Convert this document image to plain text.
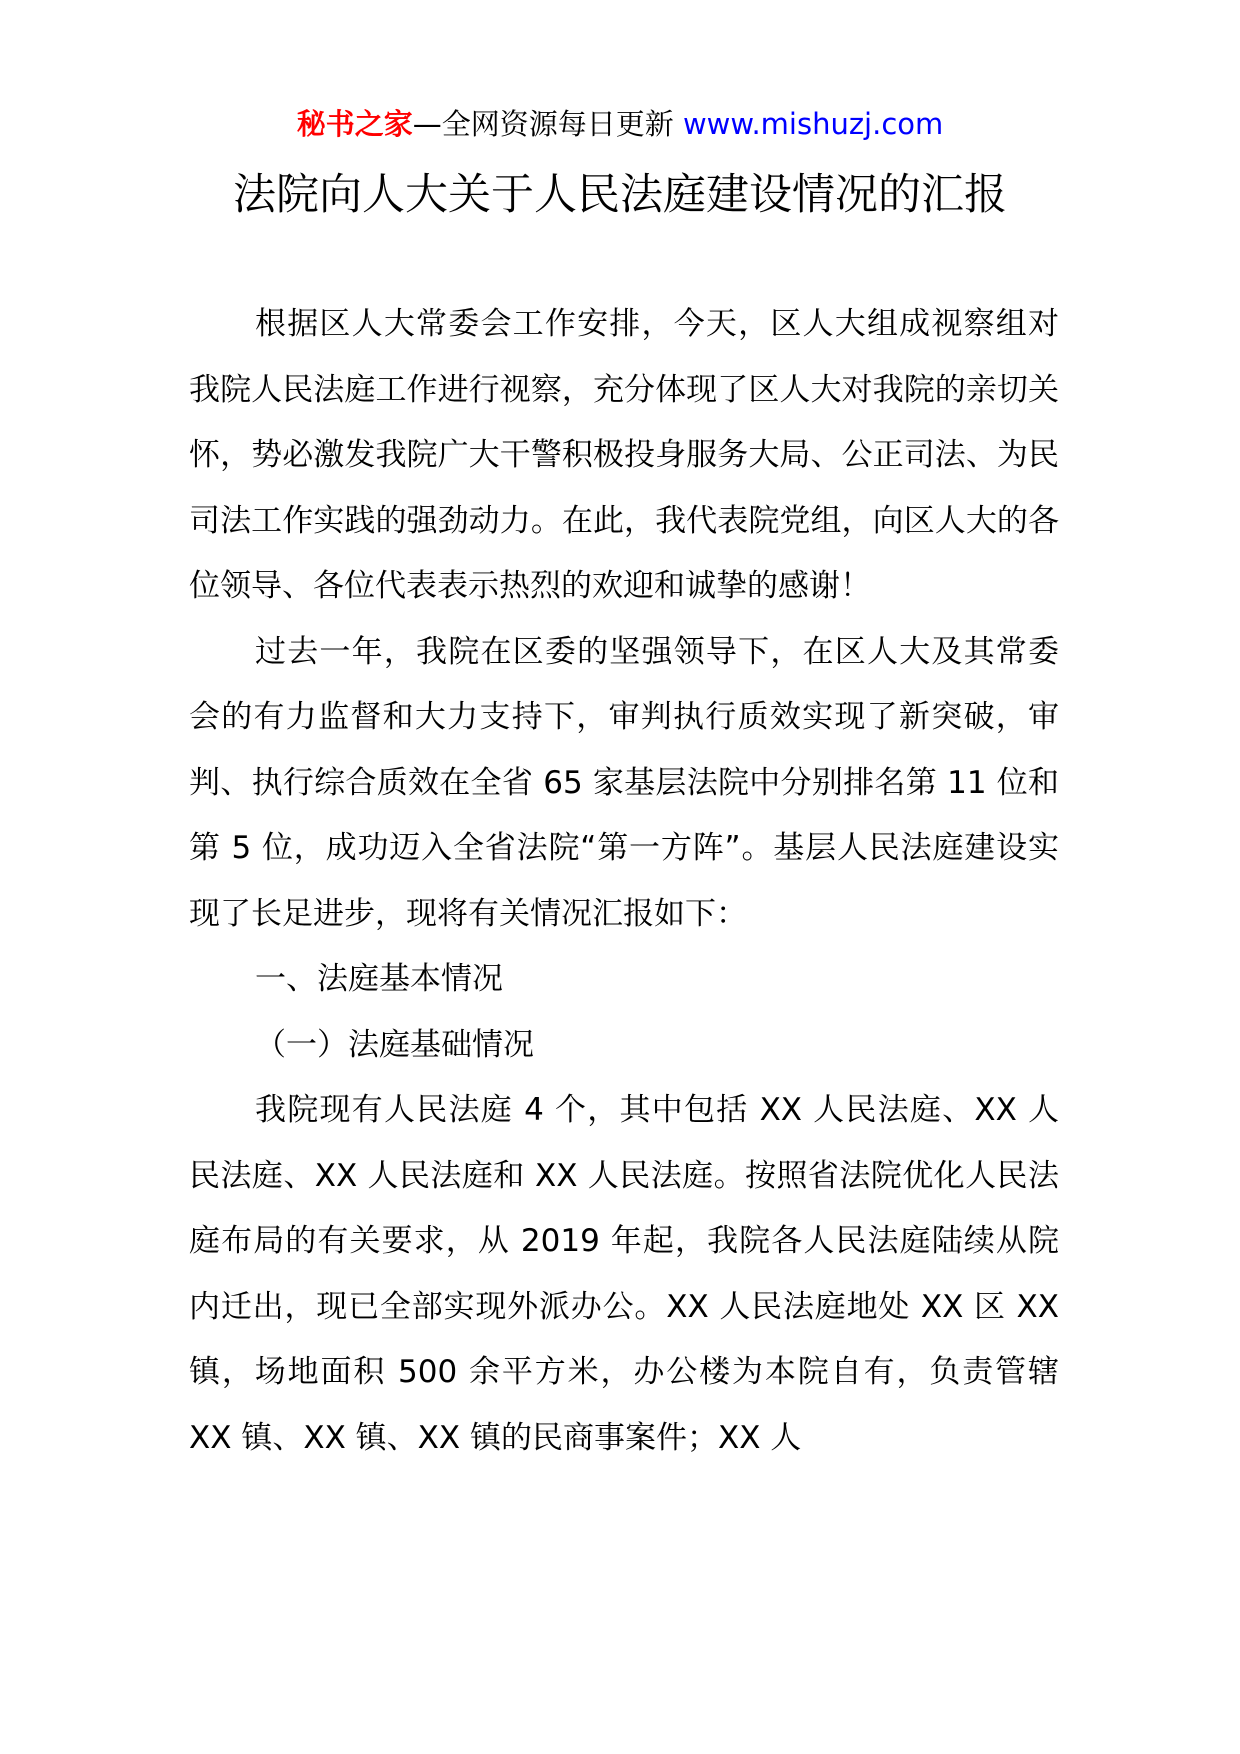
秘书之家—全网资源每日更新 www.mishuzj.com
法院向人大关于人民法庭建设情况的汇报

根据区人大常委会工作安排，今天，区人大组成视察组对我院人民法庭工作进行视察，充分体现了区人大对我院的亲切关怀，势必激发我院广大干警积极投身服务大局、公正司法、为民司法工作实践的强劲动力。在此，我代表院党组，向区人大的各位领导、各位代表表示热烈的欢迎和诚挚的感谢！

过去一年，我院在区委的坚强领导下，在区人大及其常委会的有力监督和大力支持下，审判执行质效实现了新突破，审判、执行综合质效在全省 65 家基层法院中分别排名第 11 位和第 5 位，成功迈入全省法院“第一方阵”。基层人民法庭建设实现了长足进步，现将有关情况汇报如下：

一、法庭基本情况

（一）法庭基础情况

我院现有人民法庭 4 个，其中包括 XX 人民法庭、XX 人民法庭、XX 人民法庭和 XX 人民法庭。按照省法院优化人民法庭布局的有关要求，从 2019 年起，我院各人民法庭陆续从院内迁出，现已全部实现外派办公。XX 人民法庭地处 XX 区 XX 镇，场地面积 500 余平方米，办公楼为本院自有，负责管辖 XX 镇、XX 镇、XX 镇的民商事案件；XX 人
